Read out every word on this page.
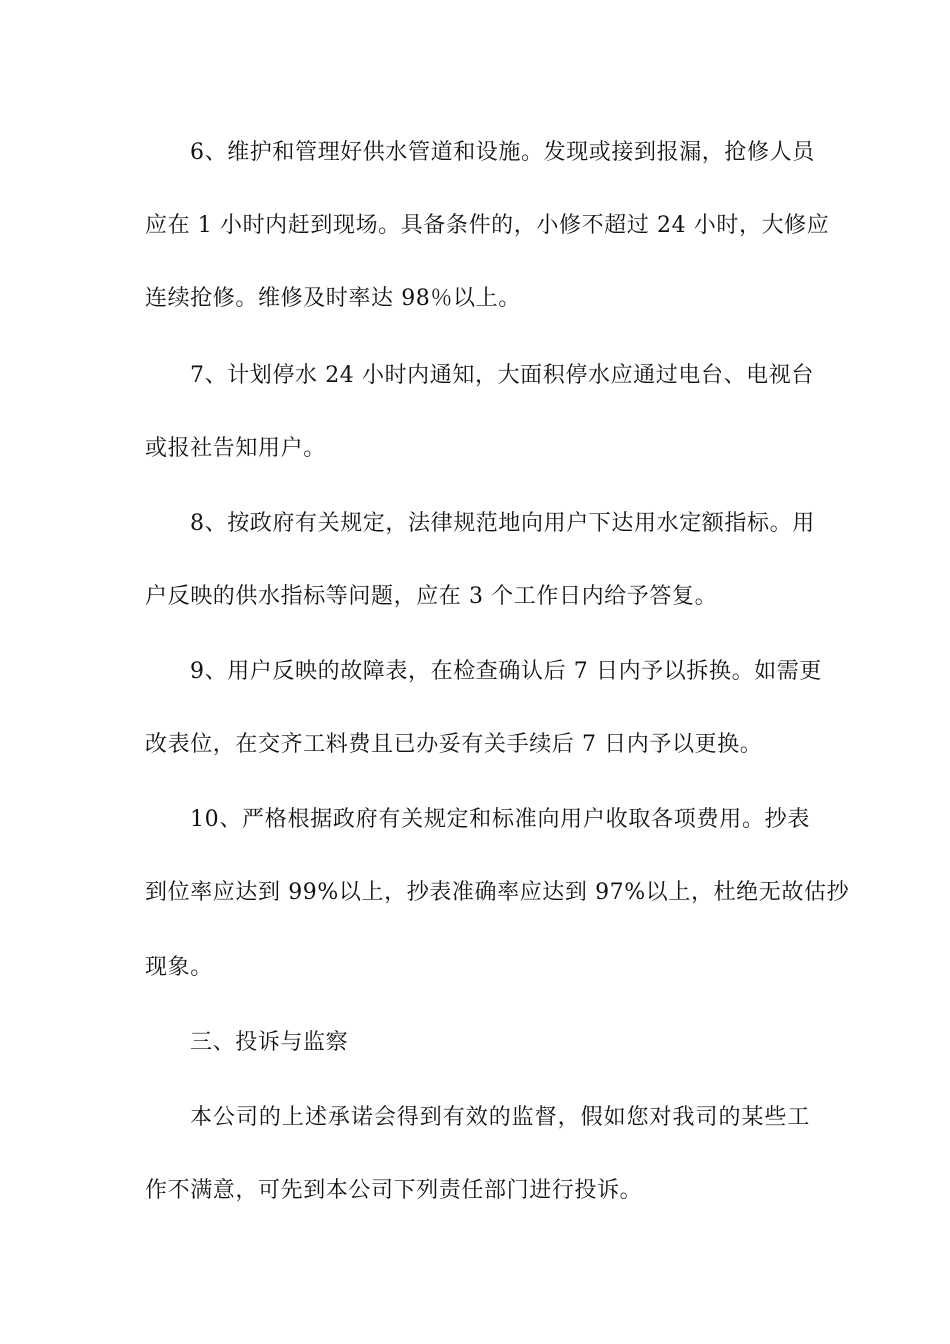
6、维护和管理好供水管道和设施。发现或接到报漏，抢修人员
应在 1 小时内赶到现场。具备条件的，小修不超过 24 小时，大修应
连续抢修。维修及时率达 98％以上。
7、计划停水 24 小时内通知，大面积停水应通过电台、电视台
或报社告知用户。
8、按政府有关规定，法律规范地向用户下达用水定额指标。用
户反映的供水指标等问题，应在 3 个工作日内给予答复。
9、用户反映的故障表，在检查确认后 7 日内予以拆换。如需更
改表位，在交齐工料费且已办妥有关手续后 7 日内予以更换。
10、严格根据政府有关规定和标准向用户收取各项费用。抄表
到位率应达到 99%以上，抄表准确率应达到 97%以上，杜绝无故估抄
现象。
三、投诉与监察
本公司的上述承诺会得到有效的监督，假如您对我司的某些工
作不满意，可先到本公司下列责任部门进行投诉。
